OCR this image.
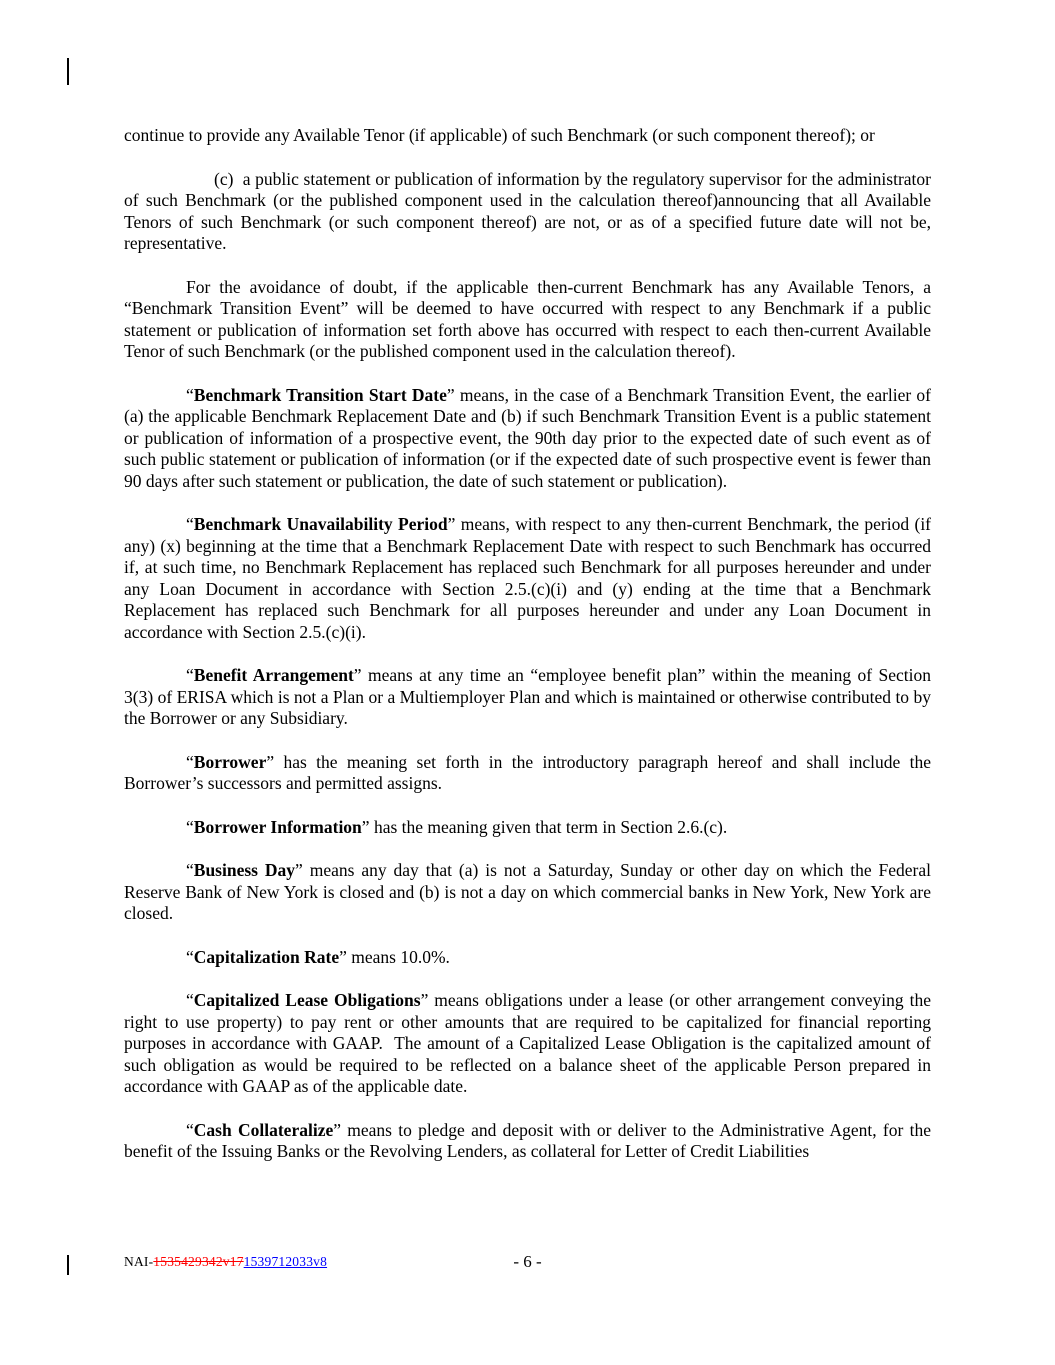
continue to provide any Available Tenor (if applicable) of such Benchmark (or such component thereof); or

(c)  a public statement or publication of information by the regulatory supervisor for the administrator of such Benchmark (or the published component used in the calculation thereof)announcing that all Available Tenors of such Benchmark (or such component thereof) are not, or as of a specified future date will not be, representative.

For the avoidance of doubt, if the applicable then-current Benchmark has any Available Tenors, a “Benchmark Transition Event” will be deemed to have occurred with respect to any Benchmark if a public statement or publication of information set forth above has occurred with respect to each then-current Available Tenor of such Benchmark (or the published component used in the calculation thereof).

“Benchmark Transition Start Date” means, in the case of a Benchmark Transition Event, the earlier of (a) the applicable Benchmark Replacement Date and (b) if such Benchmark Transition Event is a public statement or publication of information of a prospective event, the 90th day prior to the expected date of such event as of such public statement or publication of information (or if the expected date of such prospective event is fewer than 90 days after such statement or publication, the date of such statement or publication).

“Benchmark Unavailability Period” means, with respect to any then-current Benchmark, the period (if any) (x) beginning at the time that a Benchmark Replacement Date with respect to such Benchmark has occurred if, at such time, no Benchmark Replacement has replaced such Benchmark for all purposes hereunder and under any Loan Document in accordance with Section 2.5.(c)(i) and (y) ending at the time that a Benchmark Replacement has replaced such Benchmark for all purposes hereunder and under any Loan Document in accordance with Section 2.5.(c)(i).

“Benefit Arrangement” means at any time an “employee benefit plan” within the meaning of Section 3(3) of ERISA which is not a Plan or a Multiemployer Plan and which is maintained or otherwise contributed to by the Borrower or any Subsidiary.

“Borrower” has the meaning set forth in the introductory paragraph hereof and shall include the Borrower’s successors and permitted assigns.

“Borrower Information” has the meaning given that term in Section 2.6.(c).

“Business Day” means any day that (a) is not a Saturday, Sunday or other day on which the Federal Reserve Bank of New York is closed and (b) is not a day on which commercial banks in New York, New York are closed.

“Capitalization Rate” means 10.0%.

“Capitalized Lease Obligations” means obligations under a lease (or other arrangement conveying the right to use property) to pay rent or other amounts that are required to be capitalized for financial reporting purposes in accordance with GAAP.  The amount of a Capitalized Lease Obligation is the capitalized amount of such obligation as would be required to be reflected on a balance sheet of the applicable Person prepared in accordance with GAAP as of the applicable date.

“Cash Collateralize” means to pledge and deposit with or deliver to the Administrative Agent, for the benefit of the Issuing Banks or the Revolving Lenders, as collateral for Letter of Credit Liabilities

- 6 -
NAI-1535429342v171539712033v8
